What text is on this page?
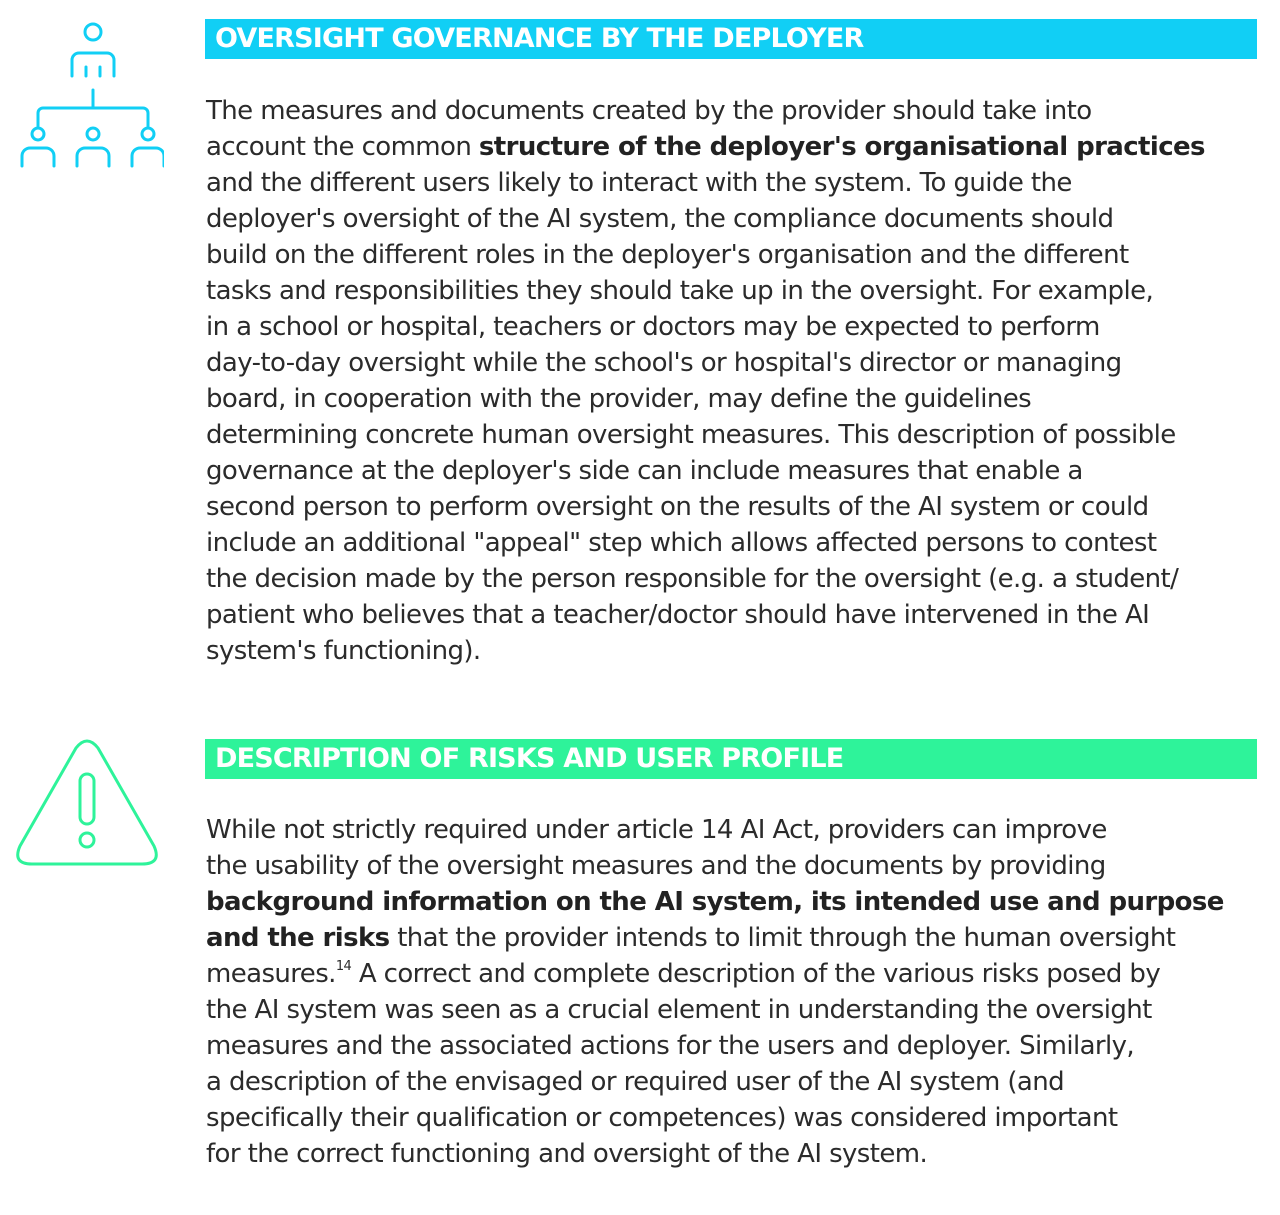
OVERSIGHT GOVERNANCE BY THE DEPLOYER

The measures and documents created by the provider should take into
account the common structure of the deployer's organisational practices
and the different users likely to interact with the system. To guide the
deployer's oversight of the AI system, the compliance documents should
build on the different roles in the deployer's organisation and the different
tasks and responsibilities they should take up in the oversight. For example,
in a school or hospital, teachers or doctors may be expected to perform
day-to-day oversight while the school's or hospital's director or managing
board, in cooperation with the provider, may define the guidelines
determining concrete human oversight measures. This description of possible
governance at the deployer's side can include measures that enable a
second person to perform oversight on the results of the AI system or could
include an additional "appeal" step which allows affected persons to contest
the decision made by the person responsible for the oversight (e.g. a student/
patient who believes that a teacher/doctor should have intervened in the AI
system's functioning).

DESCRIPTION OF RISKS AND USER PROFILE

While not strictly required under article 14 AI Act, providers can improve
the usability of the oversight measures and the documents by providing
background information on the AI system, its intended use and purpose
and the risks that the provider intends to limit through the human oversight
measures.$^{14}$ A correct and complete description of the various risks posed by
the AI system was seen as a crucial element in understanding the oversight
measures and the associated actions for the users and deployer. Similarly,
a description of the envisaged or required user of the AI system (and
specifically their qualification or competences) was considered important
for the correct functioning and oversight of the AI system.
